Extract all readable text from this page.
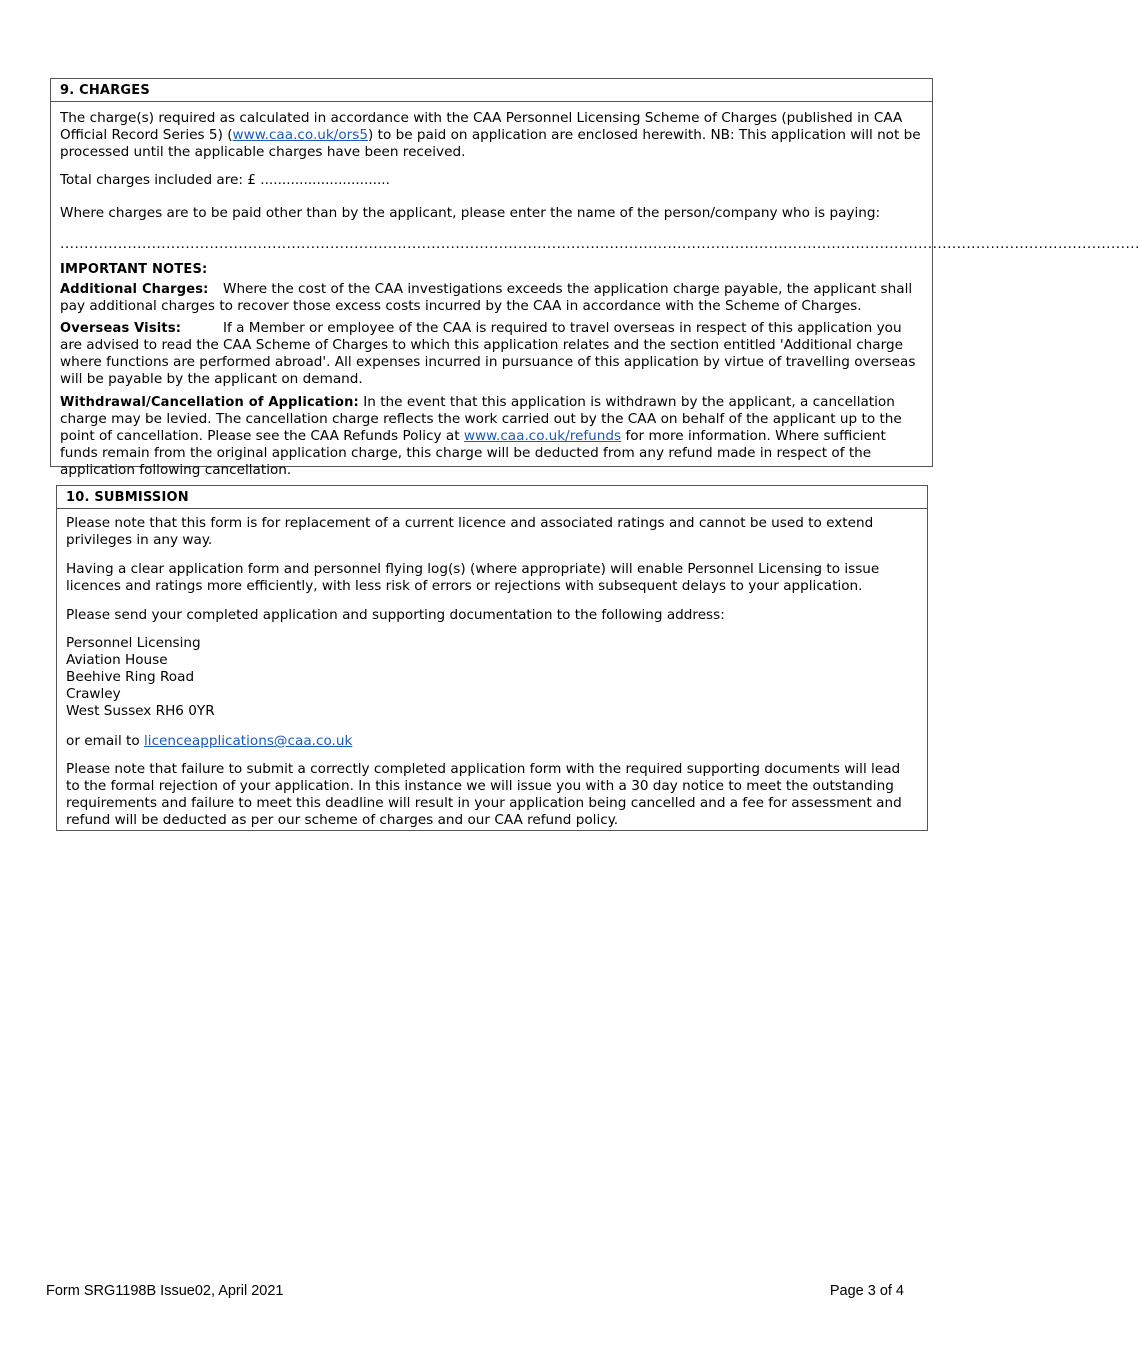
9. CHARGES

The charge(s) required as calculated in accordance with the CAA Personnel Licensing Scheme of Charges (published in CAA Official Record Series 5) (www.caa.co.uk/ors5) to be paid on application are enclosed herewith. NB: This application will not be processed until the applicable charges have been received.

Total charges included are: £ ..............................

Where charges are to be paid other than by the applicant, please enter the name of the person/company who is paying:

................................................................................................................................................................................................................................

IMPORTANT NOTES:

Additional Charges: Where the cost of the CAA investigations exceeds the application charge payable, the applicant shall pay additional charges to recover those excess costs incurred by the CAA in accordance with the Scheme of Charges.

Overseas Visits:	If a Member or employee of the CAA is required to travel overseas in respect of this application you are advised to read the CAA Scheme of Charges to which this application relates and the section entitled 'Additional charge where functions are performed abroad'. All expenses incurred in pursuance of this application by virtue of travelling overseas will be payable by the applicant on demand.

Withdrawal/Cancellation of Application: In the event that this application is withdrawn by the applicant, a cancellation charge may be levied. The cancellation charge reflects the work carried out by the CAA on behalf of the applicant up to the point of cancellation. Please see the CAA Refunds Policy at www.caa.co.uk/refunds for more information. Where sufficient funds remain from the original application charge, this charge will be deducted from any refund made in respect of the application following cancellation.

10. SUBMISSION

Please note that this form is for replacement of a current licence and associated ratings and cannot be used to extend privileges in any way.

Having a clear application form and personnel flying log(s) (where appropriate) will enable Personnel Licensing to issue licences and ratings more efficiently, with less risk of errors or rejections with subsequent delays to your application.

Please send your completed application and supporting documentation to the following address:

Personnel Licensing
Aviation House
Beehive Ring Road
Crawley
West Sussex RH6 0YR

or email to licenceapplications@caa.co.uk

Please note that failure to submit a correctly completed application form with the required supporting documents will lead to the formal rejection of your application. In this instance we will issue you with a 30 day notice to meet the outstanding requirements and failure to meet this deadline will result in your application being cancelled and a fee for assessment and refund will be deducted as per our scheme of charges and our CAA refund policy.

Form SRG1198B Issue02, April 2021	Page 3 of 4
